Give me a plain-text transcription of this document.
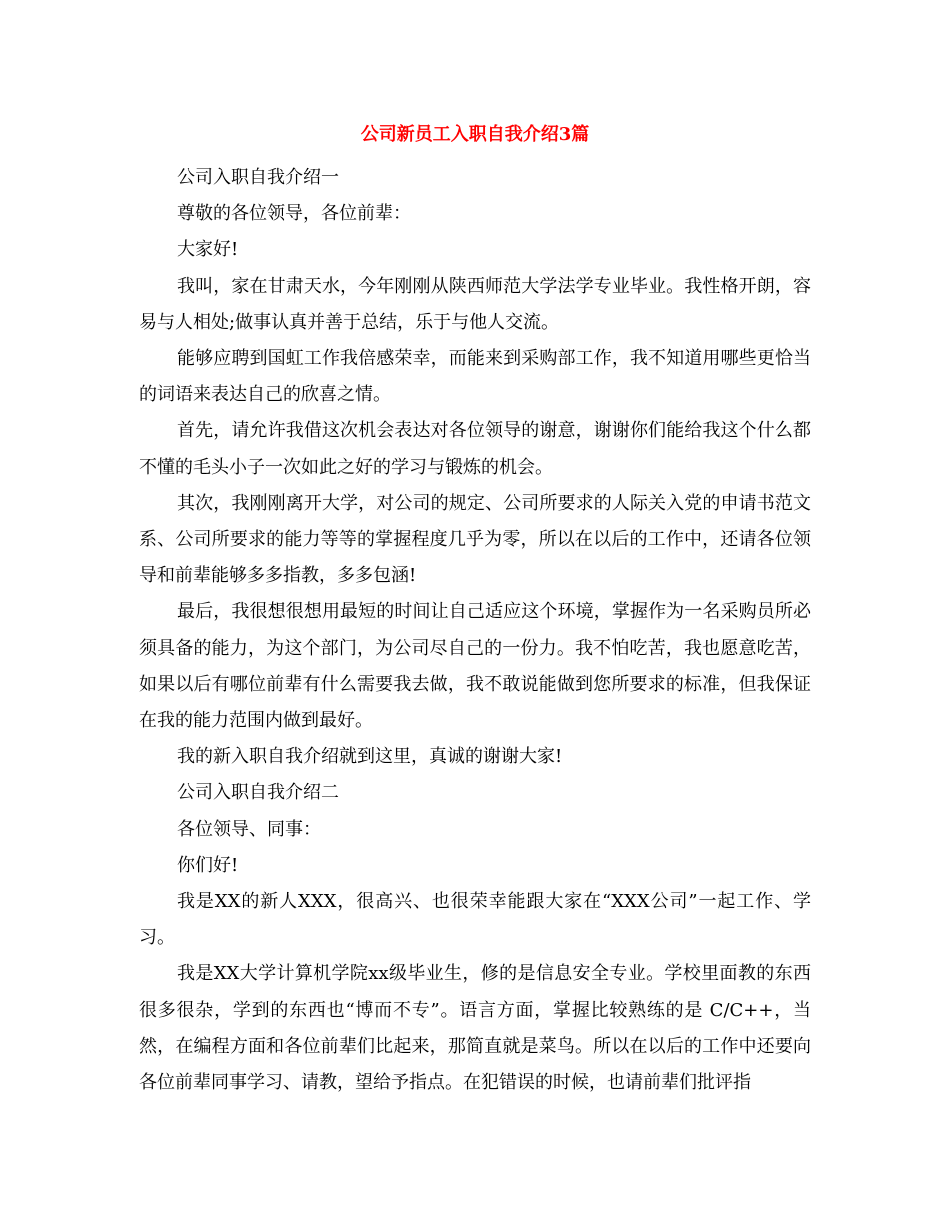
公司新员工入职自我介绍3篇

公司入职自我介绍一

尊敬的各位领导，各位前辈：

大家好!

我叫，家在甘肃天水，今年刚刚从陕西师范大学法学专业毕业。我性格开朗，容易与人相处;做事认真并善于总结，乐于与他人交流。

能够应聘到国虹工作我倍感荣幸，而能来到采购部工作，我不知道用哪些更恰当的词语来表达自己的欣喜之情。

首先，请允许我借这次机会表达对各位领导的谢意，谢谢你们能给我这个什么都不懂的毛头小子一次如此之好的学习与锻炼的机会。

其次，我刚刚离开大学，对公司的规定、公司所要求的人际关入党的申请书范文系、公司所要求的能力等等的掌握程度几乎为零，所以在以后的工作中，还请各位领导和前辈能够多多指教，多多包涵!

最后，我很想很想用最短的时间让自己适应这个环境，掌握作为一名采购员所必须具备的能力，为这个部门，为公司尽自己的一份力。我不怕吃苦，我也愿意吃苦，如果以后有哪位前辈有什么需要我去做，我不敢说能做到您所要求的标准，但我保证在我的能力范围内做到最好。

我的新入职自我介绍就到这里，真诚的谢谢大家!

公司入职自我介绍二

各位领导、同事：

你们好!

我是XX的新人XXX，很高兴、也很荣幸能跟大家在“XXX公司”一起工作、学习。

我是XX大学计算机学院xx级毕业生，修的是信息安全专业。学校里面教的东西很多很杂，学到的东西也“博而不专”。语言方面，掌握比较熟练的是 C/C++，当然，在编程方面和各位前辈们比起来，那简直就是菜鸟。所以在以后的工作中还要向各位前辈同事学习、请教，望给予指点。在犯错误的时候，也请前辈们批评指
